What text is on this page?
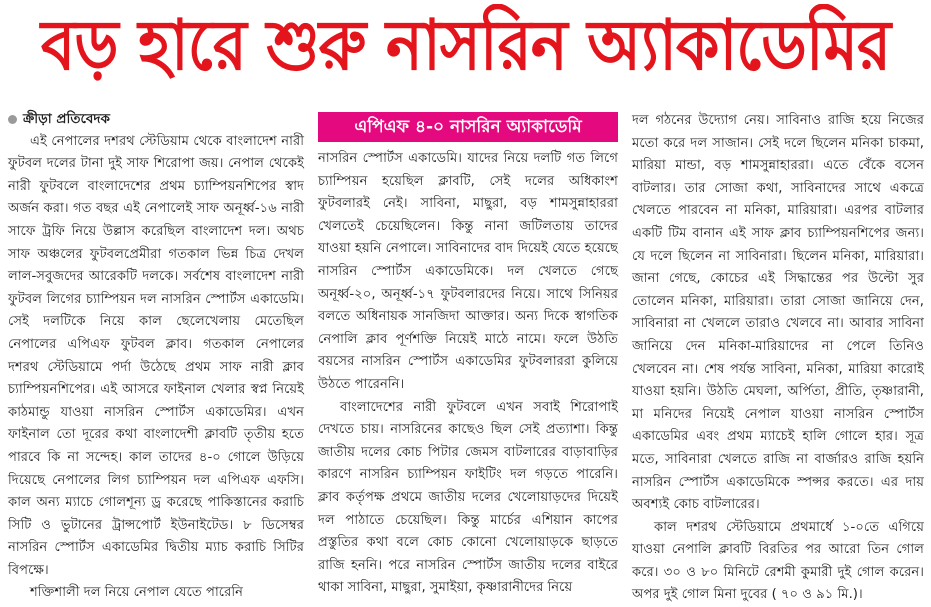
বড় হারে শুরু নাসরিন অ্যাকাডেমির
ক্রীড়া প্রতিবেদক

এই নেপালের দশরথ স্টেডিয়াম থেকে বাংলাদেশ নারী ফুটবল দলের টানা দুই সাফ শিরোপা জয়। নেপাল থেকেই নারী ফুটবলে বাংলাদেশের প্রথম চ্যাম্পিয়নশিপের স্বাদ অর্জন করা। গত বছর এই নেপালেই সাফ অনূর্ধ্ব-১৬ নারী সাফে ট্রফি নিয়ে উল্লাস করেছিল বাংলাদেশ দল। অথচ সাফ অঞ্চলের ফুটবলপ্রেমীরা গতকাল ভিন্ন চিত্র দেখল লাল-সবুজদের আরেকটি দলকে। সর্বশেষ বাংলাদেশ নারী ফুটবল লিগের চ্যাম্পিয়ন দল নাসরিন স্পোর্টস একাডেমি। সেই দলটিকে নিয়ে কাল ছেলেখেলায় মেতেছিল নেপালের এপিএফ ফুটবল ক্লাব। গতকাল নেপালের দশরথ স্টেডিয়ামে পর্দা উঠেছে প্রথম সাফ নারী ক্লাব চ্যাম্পিয়নশিপের। এই আসরে ফাইনাল খেলার স্বপ্ন নিয়েই কাঠমান্ডু যাওয়া নাসরিন স্পোর্টস একাডেমির। এখন ফাইনাল তো দূরের কথা বাংলাদেশী ক্লাবটি তৃতীয় হতে পারবে কি না সন্দেহ। কাল তাদের ৪-০ গোলে উড়িয়ে দিয়েছে নেপালের লিগ চ্যাম্পিয়ন দল এপিএফ এফসি। কাল অন্য ম্যাচে গোলশূন্য ড্র করেছে পাকিস্তানের করাচি সিটি ও ভুটানের ট্রান্সপোর্ট ইউনাইটেড। ৮ ডিসেম্বর নাসরিন স্পোর্টস একাডেমির দ্বিতীয় ম্যাচ করাচি সিটির বিপক্ষে।

শক্তিশালী দল নিয়ে নেপাল যেতে পারেনি

এপিএফ ৪-০ নাসরিন অ্যাকাডেমি

নাসরিন স্পোর্টস একাডেমি। যাদের নিয়ে দলটি গত লিগে চ্যাম্পিয়ন হয়েছিল ক্লাবটি, সেই দলের অধিকাংশ ফুটবলারই নেই। সাবিনা, মাছুরা, বড় শামসুন্নাহাররা খেলতেই চেয়েছিলেন। কিন্তু নানা জটিলতায় তাদের যাওয়া হয়নি নেপালে। সাবিনাদের বাদ দিয়েই যেতে হয়েছে নাসরিন স্পোর্টস একাডেমিকে। দল খেলতে গেছে অনূর্ধ্ব-২০, অনূর্ধ্ব-১৭ ফুটবলারদের নিয়ে। সাথে সিনিয়র বলতে অধিনায়ক সানজিদা আক্তার। অন্য দিকে স্বাগতিক নেপালি ক্লাব পূর্ণশক্তি নিয়েই মাঠে নামে। ফলে উঠতি বয়সের নাসরিন স্পোর্টস একাডেমির ফুটবলাররা কুলিয়ে উঠতে পারেননি।

বাংলাদেশের নারী ফুটবলে এখন সবাই শিরোপাই দেখতে চায়। নাসরিনের কাছেও ছিল সেই প্রত্যাশা। কিন্তু জাতীয় দলের কোচ পিটার জেমস বাটলারের বাড়াবাড়ির কারণে নাসরিন চ্যাম্পিয়ন ফাইটিং দল গড়তে পারেনি। ক্লাব কর্তৃপক্ষ প্রথমে জাতীয় দলের খেলোয়াড়দের দিয়েই দল পাঠাতে চেয়েছিল। কিন্তু মার্চের এশিয়ান কাপের প্রস্তুতির কথা বলে কোচ কোনো খেলোয়াড়কে ছাড়তে রাজি হননি। পরে নাসরিন স্পোর্টস জাতীয় দলের বাইরে থাকা সাবিনা, মাছুরা, সুমাইয়া, কৃষ্ণারানীদের নিয়ে

দল গঠনের উদ্যোগ নেয়। সাবিনাও রাজি হয়ে নিজের মতো করে দল সাজান। সেই দলে ছিলেন মনিকা চাকমা, মারিয়া মান্ডা, বড় শামসুন্নাহাররা। এতে বেঁকে বসেন বাটলার। তার সোজা কথা, সাবিনাদের সাথে একত্রে খেলতে পারবেন না মনিকা, মারিয়ারা। এরপর বাটলার একটি টিম বানান এই সাফ ক্লাব চ্যাম্পিয়নশিপের জন্য। যে দলে ছিলেন না সাবিনারা। ছিলেন মনিকা, মারিয়ারা। জানা গেছে, কোচের এই সিদ্ধান্তের পর উল্টো সুর তোলেন মনিকা, মারিয়ারা। তারা সোজা জানিয়ে দেন, সাবিনারা না খেললে তারাও খেলবে না। আবার সাবিনা জানিয়ে দেন মনিকা-মারিয়াদের না পেলে তিনিও খেলবেন না। শেষ পর্যন্ত সাবিনা, মনিকা, মারিয়া কারোই যাওয়া হয়নি। উঠতি মেঘলা, অর্পিতা, প্রীতি, তৃষ্ণারানী, মা মনিদের নিয়েই নেপাল যাওয়া নাসরিন স্পোর্টস একাডেমির এবং প্রথম ম্যাচেই হালি গোলে হার। সূত্র মতে, সাবিনারা খেলতে রাজি না বার্জারও রাজি হয়নি নাসরিন স্পোর্টস একাডেমিকে স্পন্সর করতে। এর দায় অবশ্যই কোচ বাটলারের।

কাল দশরথ স্টেডিয়ামে প্রথমার্ধে ১-০তে এগিয়ে যাওয়া নেপালি ক্লাবটি বিরতির পর আরো তিন গোল করে। ৩০ ও ৮০ মিনিটে রেশমী কুমারী দুই গোল করেন। অপর দুই গোল মিনা দুবের ( ৭০ ও ৯১ মি.)।
